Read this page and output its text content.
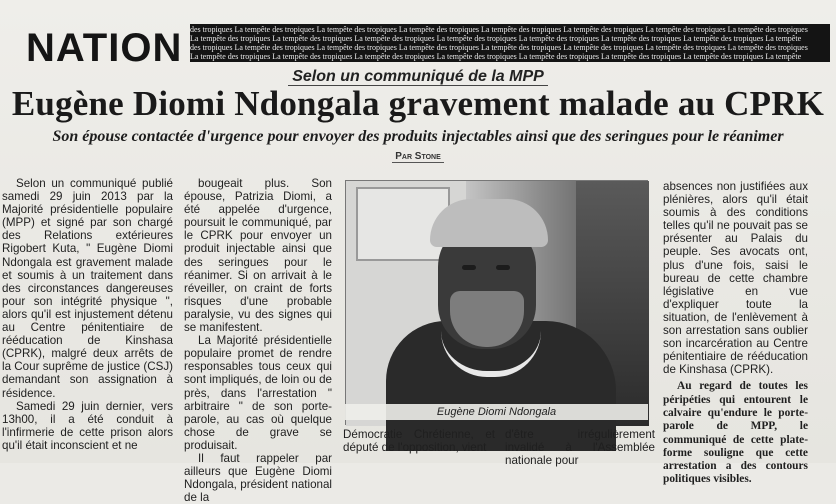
NATION des tropiques La tempête des tropiques La tempête des tropiques La tempête des tropiques La tempête des tropiques La tempête des tropiques La tempête des tropiques La tempête des tropiques
La tempête des tropiques La tempête des tropiques La tempête des tropiques La tempête des tropiques La tempête des tropiques La tempête des tropiques La tempête des tropiques La tempête
des tropiques La tempête des tropiques La tempête des tropiques La tempête des tropiques La tempête des tropiques La tempête des tropiques La tempête des tropiques La tempête des tropiques
La tempête des tropiques La tempête des tropiques La tempête des tropiques La tempête des tropiques La tempête des tropiques La tempête des tropiques La tempête des tropiques La tempête
Selon un communiqué de la MPP
Eugène Diomi Ndongala gravement malade au CPRK
Son épouse contactée d'urgence pour envoyer des produits injectables ainsi que des seringues pour le réanimer
Par Stone

Selon un communiqué publié samedi 29 juin 2013 par la Majorité présidentielle populaire (MPP) et signé par son chargé des Relations extérieures Rigobert Kuta, " Eugène Diomi Ndongala est gravement malade et soumis à un traitement dans des circonstances dangereuses pour son intégrité physique ", alors qu'il est injustement détenu au Centre pénitentiaire de rééducation de Kinshasa (CPRK), malgré deux arrêts de la Cour suprême de justice (CSJ) demandant son assignation à résidence.

Samedi 29 juin dernier, vers 13h00, il a été conduit à l'infirmerie de cette prison alors qu'il était inconscient et ne

bougeait plus. Son épouse, Patrizia Diomi, a été appelée d'urgence, poursuit le communiqué, par le CPRK pour envoyer un produit injectable ainsi que des seringues pour le réanimer. Si on arrivait à le réveiller, on craint de forts risques d'une probable paralysie, vu des signes qui se manifestent.

La Majorité présidentielle populaire promet de rendre responsables tous ceux qui sont impliqués, de loin ou de près, dans l'arrestation " arbitraire " de son porte-parole, au cas où quelque chose de grave se produisait.

Il faut rappeler par ailleurs que Eugène Diomi Ndongala, président national de la

Eugène Diomi Ndongala

Démocratie Chrétienne, et député de l'opposition, vient

d'être irrégulièrement invalidé à l'Assemblée nationale pour

absences non justifiées aux plénières, alors qu'il était soumis à des conditions telles qu'il ne pouvait pas se présenter au Palais du peuple. Ses avocats ont, plus d'une fois, saisi le bureau de cette chambre législative en vue d'expliquer toute la situation, de l'enlèvement à son arrestation sans oublier son incarcération au Centre pénitentiaire de rééducation de Kinshasa (CPRK).

Au regard de toutes les péripéties qui entourent le calvaire qu'endure le porte-parole de MPP, le communiqué de cette plate-forme souligne que cette arrestation a des contours politiques visibles.
